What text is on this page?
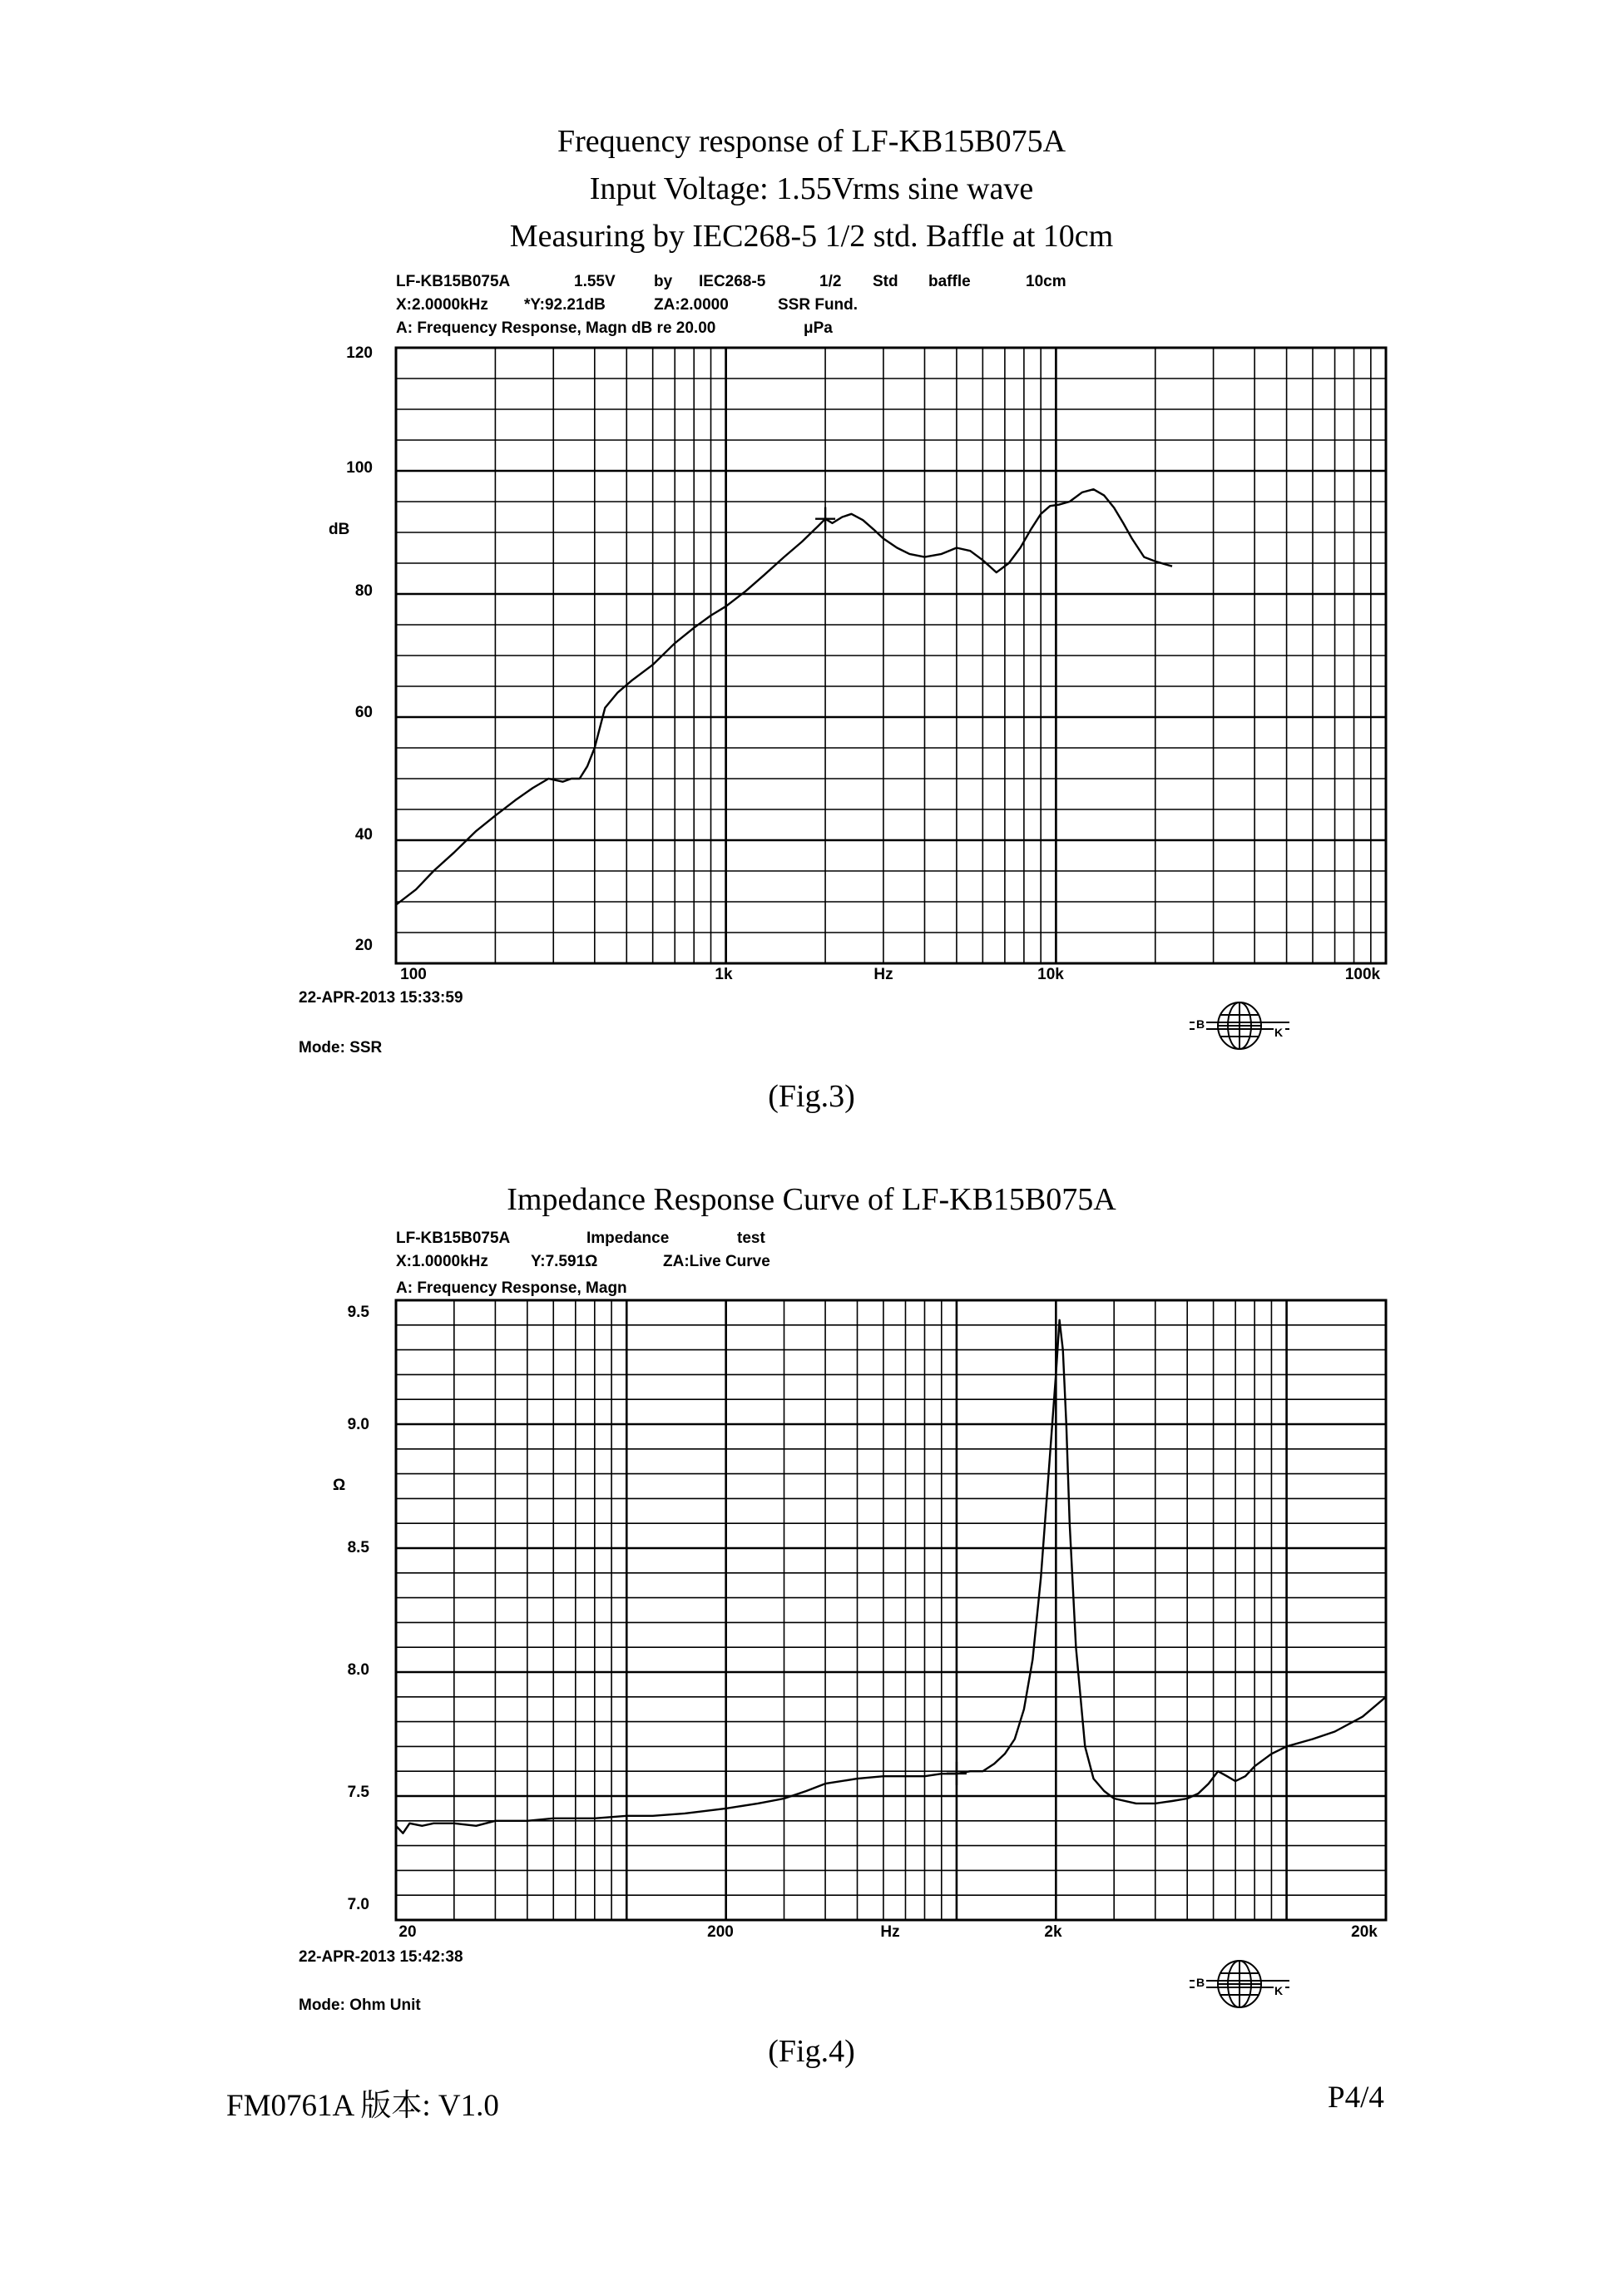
Frequency response of LF-KB15B075A
Input Voltage: 1.55Vrms sine wave
Measuring by IEC268-5 1/2 std. Baffle at 10cm
LF-KB15B075A	1.55V by IEC268-5	1/2 Std baffle	10cm
X:2.0000kHz *Y:92.21dB	ZA:2.0000	SSR Fund.
A: Frequency Response, Magn dB re 20.00	μPa
120
100
80
60
40
20
dB
100	1k	Hz	10k	100k
22-APR-2013 15:33:59
Mode: SSR
B
K
(Fig.3)
Impedance Response Curve of LF-KB15B075A
LF-KB15B075A	Impedance	test
X:1.0000kHz	Y:7.591Ω	ZA:Live Curve
A: Frequency Response, Magn
9.5
9.0
8.5
8.0
7.5
7.0
Ω
20	200	Hz	2k	20k
22-APR-2013 15:42:38
Mode: Ohm Unit
B
K
(Fig.4)
FM0761A 版本: V1.0	P4/4
